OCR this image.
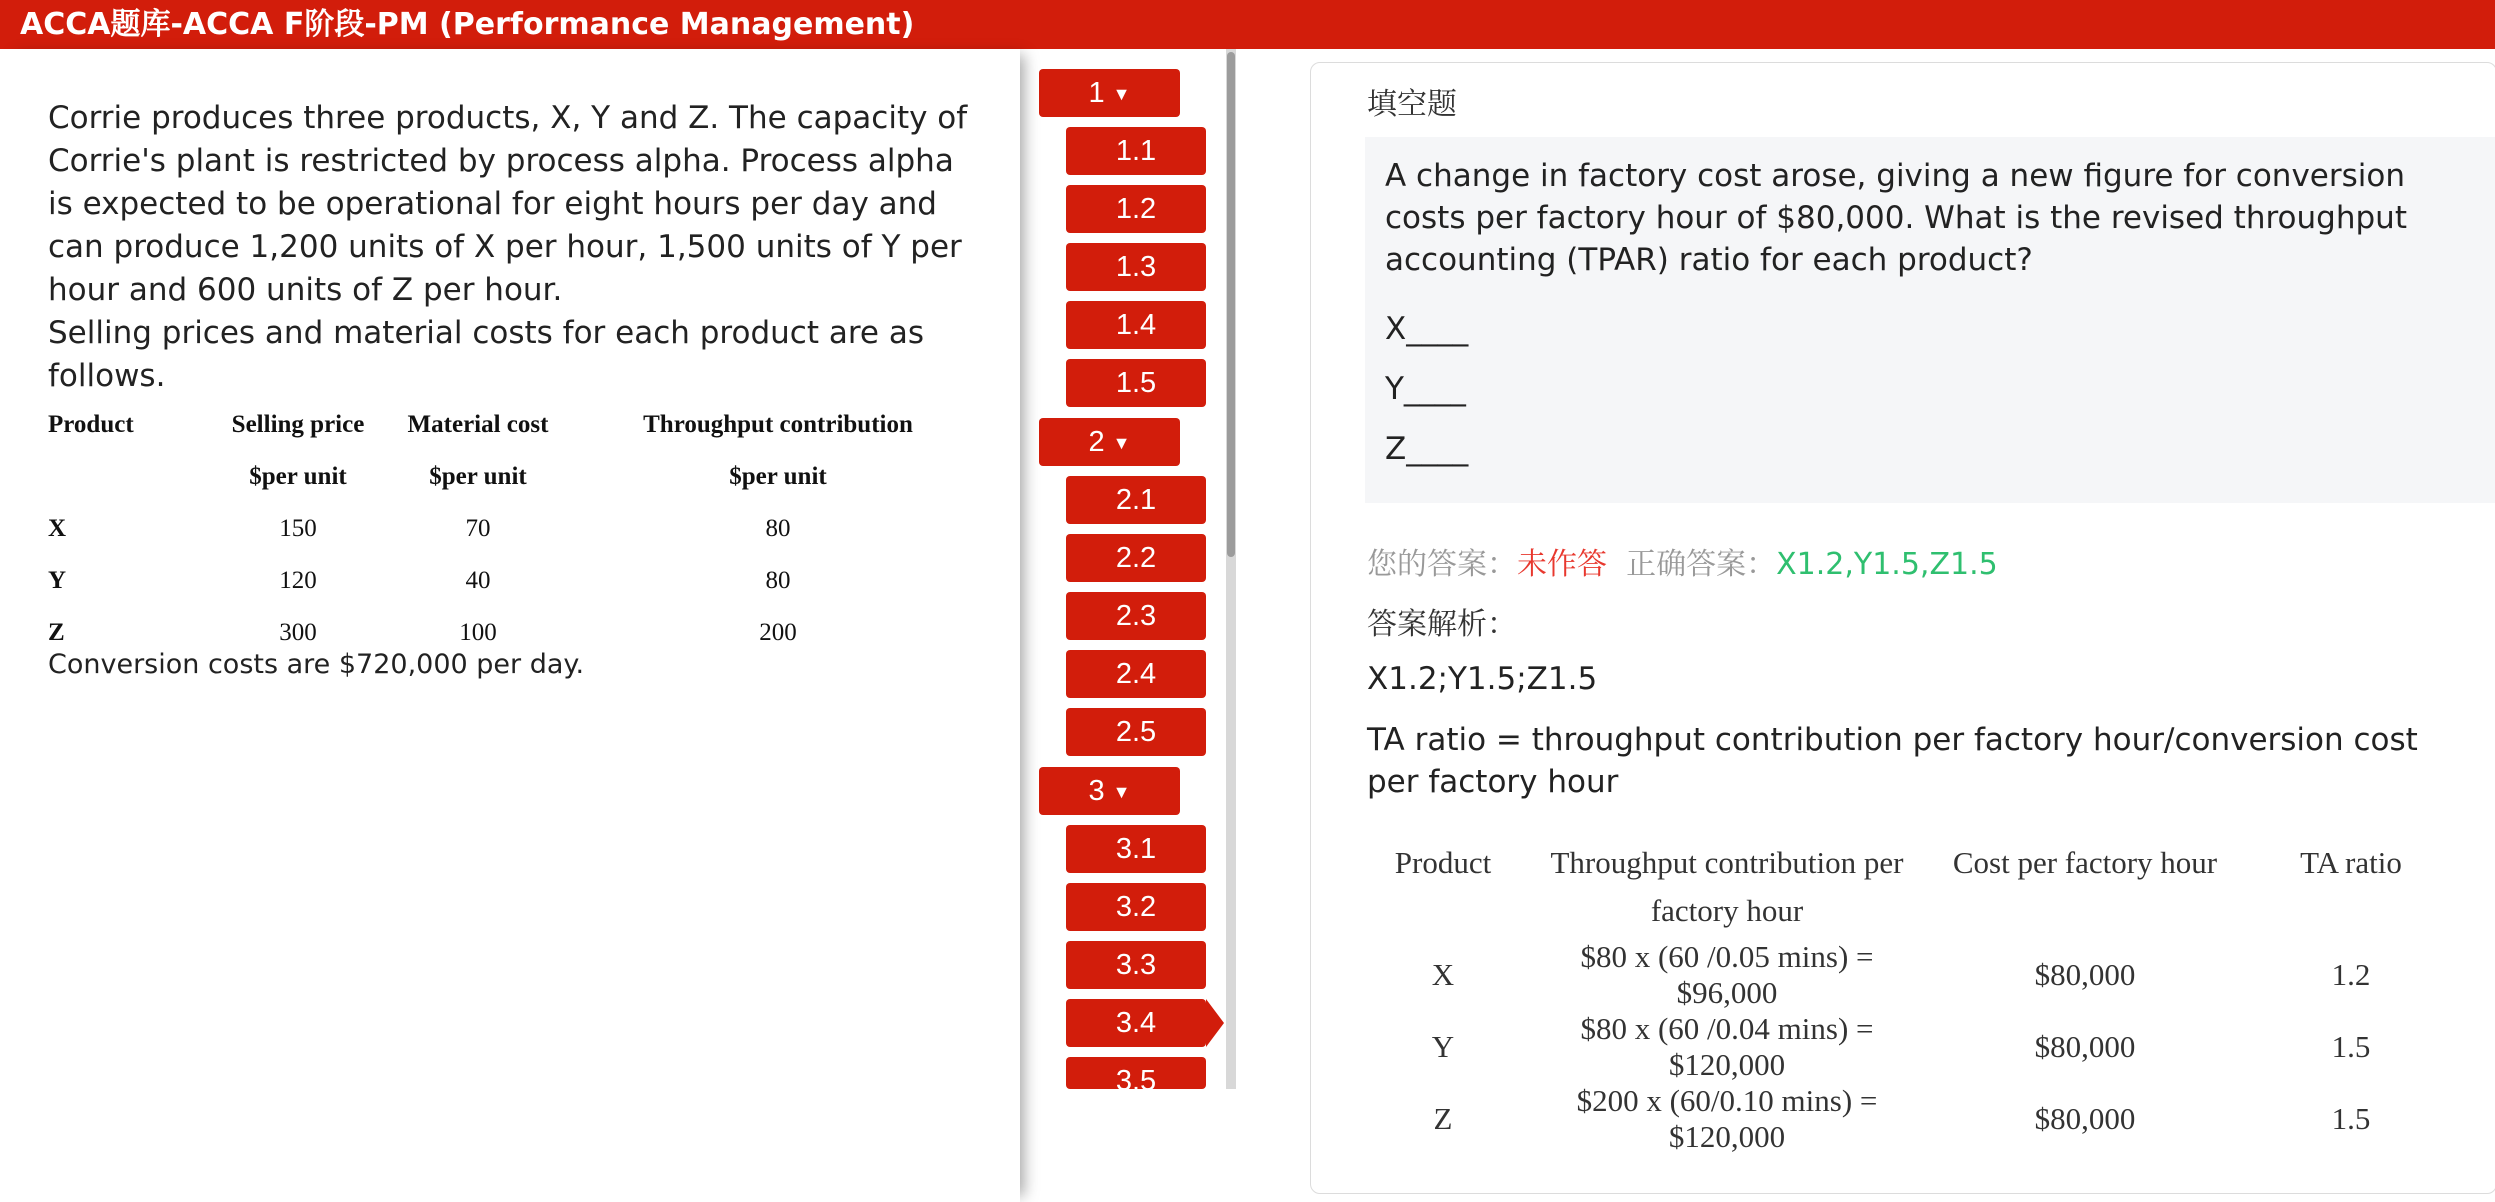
ACCA题库-ACCA F阶段-PM (Performance Management)

Corrie produces three products, X, Y and Z. The capacity of Corrie's plant is restricted by process alpha. Process alpha is expected to be operational for eight hours per day and can produce 1,200 units of X per hour, 1,500 units of Y per hour and 600 units of Z per hour.

Selling prices and material costs for each product are as follows.

Product	Selling price	Material cost	Throughput contribution
	$per unit	$per unit	$per unit
X	150	70	80
Y	120	40	80
Z	300	100	200
Conversion costs are $720,000 per day.
1 ▼
1.1
1.2
1.3
1.4
1.5
2 ▼
2.1
2.2
2.3
2.4
2.5
3 ▼
3.1
3.2
3.3
3.4
3.5
填空题

A change in factory cost arose, giving a new figure for conversion costs per factory hour of $80,000. What is the revised throughput accounting (TPAR) ratio for each product?

X____

Y____

Z____

您的答案：未作答 正确答案：X1.2,Y1.5,Z1.5
答案解析：
X1.2;Y1.5;Z1.5
TA ratio = throughput contribution per factory hour/conversion cost per factory hour
Product	Throughput contribution per factory hour	Cost per factory hour	TA ratio
X	$80 x (60 /0.05 mins) = $96,000	$80,000	1.2
Y	$80 x (60 /0.04 mins) = $120,000	$80,000	1.5
Z	$200 x (60/0.10 mins) = $120,000	$80,000	1.5
